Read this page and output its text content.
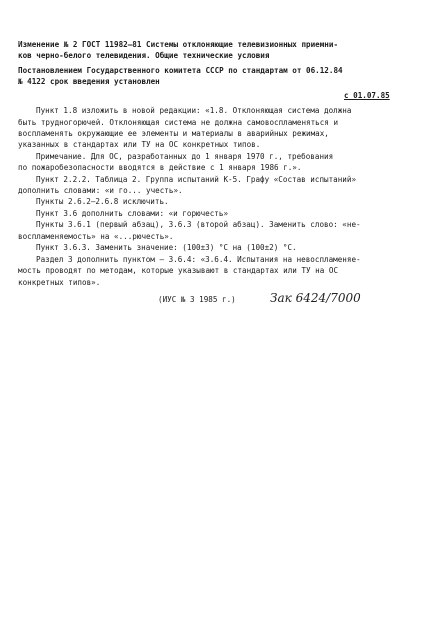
Изменение № 2 ГОСТ 11982—81 Системы отклоняющие телевизионных приемни-
ков черно-белого телевидения. Общие технические условия
Постановлением Государственного комитета СССР по стандартам от 06.12.84
№ 4122 срок введения установлен
с 01.07.85
Пункт 1.8 изложить в новой редакции: «1.8. Отклоняющая система должна
быть трудногорючей. Отклоняющая система не должна самовоспламеняться и
воспламенять окружающие ее элементы и материалы в аварийных режимах,
указанных в стандартах или ТУ на ОС конкретных типов.
Примечание. Для ОС, разработанных до 1 января 1970 г., требования
по пожаробезопасности вводятся в действие с 1 января 1986 г.».
Пункт 2.2.2. Таблица 2. Группа испытаний К-5. Графу «Состав испытаний»
дополнить словами: «и го... учесть».
Пункты 2.6.2—2.6.8 исключить.
Пункт 3.6 дополнить словами: «и горючесть»
Пункты 3.6.1 (первый абзац), 3.6.3 (второй абзац). Заменить слово: «не-
воспламеняемость» на «...рючесть».
Пункт 3.6.3. Заменить значение: (100±3) °С на (100±2) °С.
Раздел 3 дополнить пунктом — 3.6.4: «3.6.4. Испытания на невоспламеняе-
мость проводят по методам, которые указывают в стандартах или ТУ на ОС
конкретных типов».
(ИУС № 3 1985 г.)	Зак 6424/7000
